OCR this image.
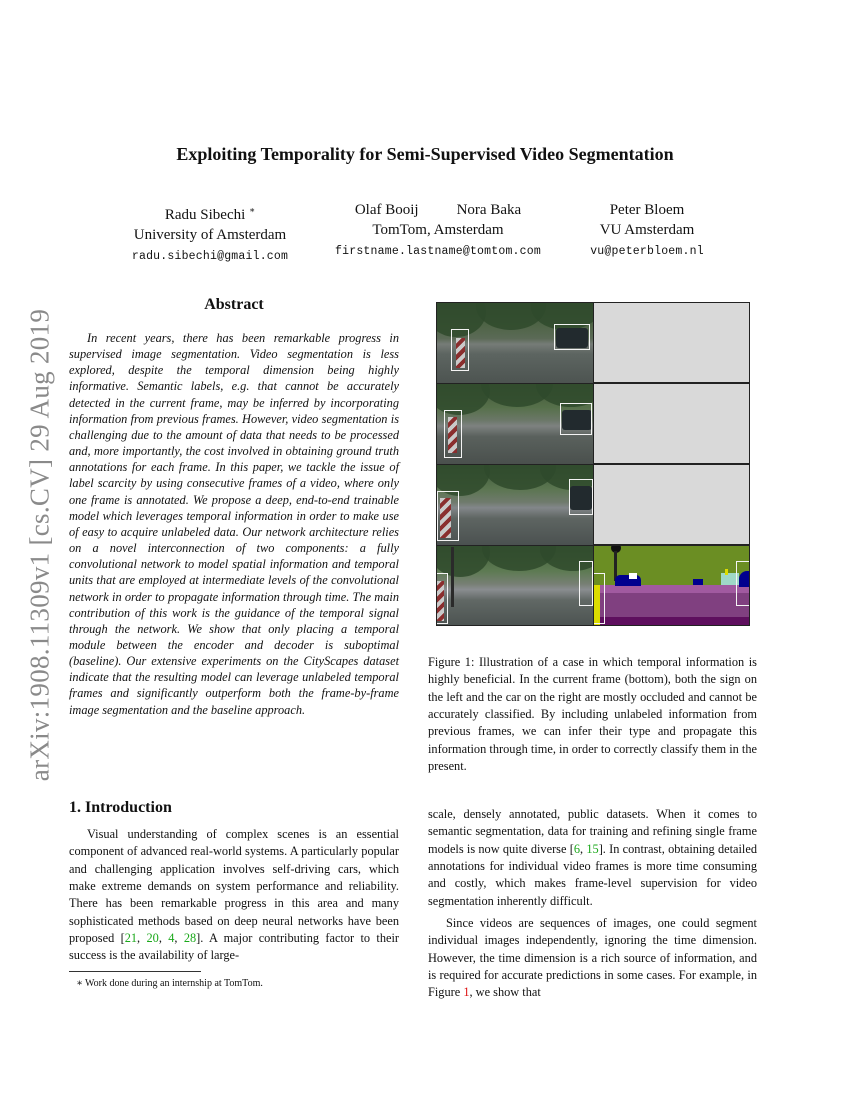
Exploiting Temporality for Semi-Supervised Video Segmentation
Radu Sibechi ∗
University of Amsterdam
radu.sibechi@gmail.com
Olaf Booij	Nora Baka
TomTom, Amsterdam
firstname.lastname@tomtom.com
Peter Bloem
VU Amsterdam
vu@peterbloem.nl
arXiv:1908.11309v1 [cs.CV] 29 Aug 2019
Abstract
In recent years, there has been remarkable progress in supervised image segmentation. Video segmentation is less explored, despite the temporal dimension being highly informative. Semantic labels, e.g. that cannot be accurately detected in the current frame, may be inferred by incorporating information from previous frames. However, video segmentation is challenging due to the amount of data that needs to be processed and, more importantly, the cost involved in obtaining ground truth annotations for each frame. In this paper, we tackle the issue of label scarcity by using consecutive frames of a video, where only one frame is annotated. We propose a deep, end-to-end trainable model which leverages temporal information in order to make use of easy to acquire unlabeled data. Our network architecture relies on a novel interconnection of two components: a fully convolutional network to model spatial information and temporal units that are employed at intermediate levels of the convolutional network in order to propagate information through time. The main contribution of this work is the guidance of the temporal signal through the network. We show that only placing a temporal module between the encoder and decoder is suboptimal (baseline). Our extensive experiments on the CityScapes dataset indicate that the resulting model can leverage unlabeled temporal frames and significantly outperform both the frame-by-frame image segmentation and the baseline approach.
Figure 1: Illustration of a case in which temporal information is highly beneficial. In the current frame (bottom), both the sign on the left and the car on the right are mostly occluded and cannot be accurately classified. By including unlabeled information from previous frames, we can infer their type and propagate this information through time, in order to correctly classify them in the present.
1. Introduction
Visual understanding of complex scenes is an essential component of advanced real-world systems. A particularly popular and challenging application involves self-driving cars, which make extreme demands on system performance and reliability. There has been remarkable progress in this area and many sophisticated methods based on deep neural networks have been proposed [21, 20, 4, 28]. A major contributing factor to their success is the availability of large-

scale, densely annotated, public datasets. When it comes to semantic segmentation, data for training and refining single frame models is now quite diverse [6, 15]. In contrast, obtaining detailed annotations for individual video frames is more time consuming and costly, which makes frame-level supervision for video segmentation inherently difficult.

Since videos are sequences of images, one could segment individual images independently, ignoring the time dimension. However, the time dimension is a rich source of information, and is required for accurate predictions in some cases. For example, in Figure 1, we show that

∗ Work done during an internship at TomTom.
